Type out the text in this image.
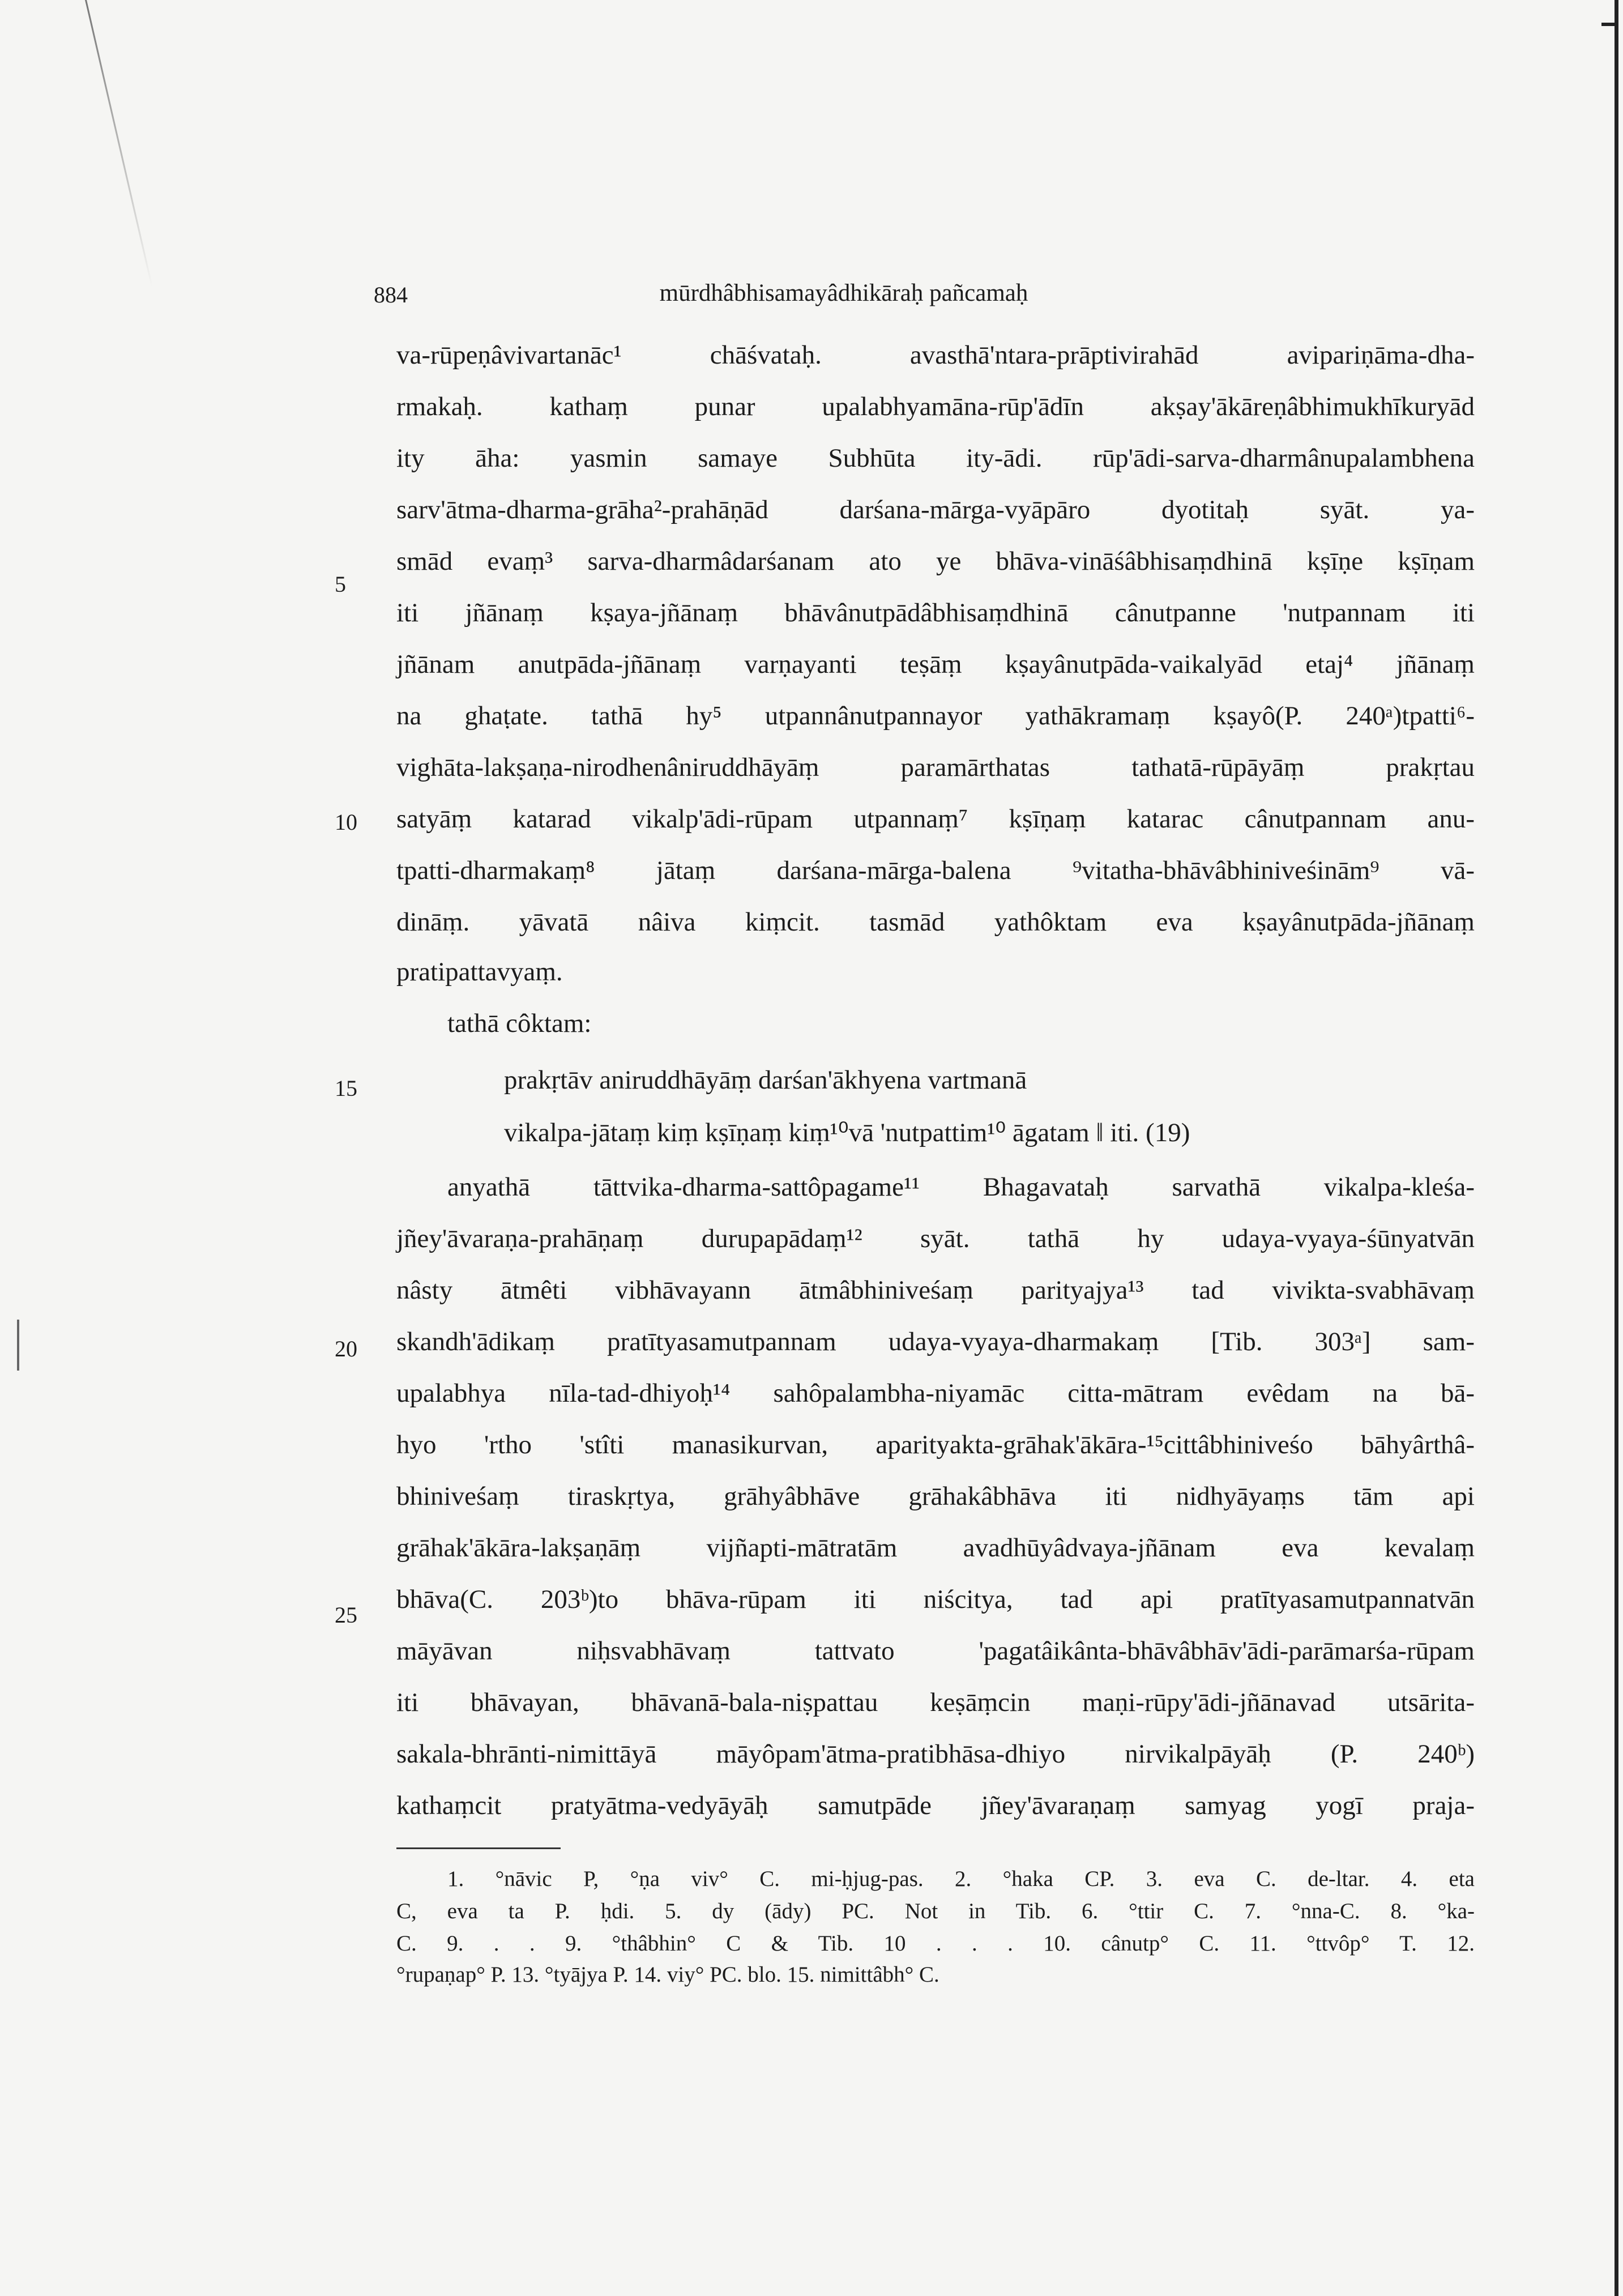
884	mūrdhâbhisamayâdhikāraḥ pañcamaḥ
5
10
15
20
25
va-rūpeṇâvivartanāc¹ chāśvataḥ. avasthā'ntara-prāptivirahād avipariṇāma-dha-
rmakaḥ. kathaṃ punar upalabhyamāna-rūp'ādīn akṣay'ākāreṇâbhimukhīkuryād
ity āha: yasmin samaye Subhūta ity-ādi. rūp'ādi-sarva-dharmânupalambhena
sarv'ātma-dharma-grāha²-prahāṇād darśana-mārga-vyāpāro dyotitaḥ syāt. ya-
smād evaṃ³ sarva-dharmâdarśanam ato ye bhāva-vināśâbhisaṃdhinā kṣīṇe kṣīṇam
iti jñānaṃ kṣaya-jñānaṃ bhāvânutpādâbhisaṃdhinā cânutpanne 'nutpannam iti
jñānam anutpāda-jñānaṃ varṇayanti teṣāṃ kṣayânutpāda-vaikalyād etaj⁴ jñānaṃ
na ghaṭate. tathā hy⁵ utpannânutpannayor yathākramaṃ kṣayô(P. 240ᵃ)tpatti⁶-
vighāta-lakṣaṇa-nirodhenâniruddhāyāṃ paramārthatas tathatā-rūpāyāṃ prakṛtau
satyāṃ katarad vikalp'ādi-rūpam utpannaṃ⁷ kṣīṇaṃ katarac cânutpannam anu-
tpatti-dharmakaṃ⁸ jātaṃ darśana-mārga-balena ⁹vitatha-bhāvâbhiniveśinām⁹ vā-
dināṃ. yāvatā nâiva kiṃcit. tasmād yathôktam eva kṣayânutpāda-jñānaṃ
pratipattavyaṃ.
tathā côktam:
prakṛtāv aniruddhāyāṃ darśan'ākhyena vartmanā
vikalpa-jātaṃ kiṃ kṣīṇaṃ kiṃ¹⁰vā 'nutpattim¹⁰ āgatam ‖ iti. (19)
anyathā tāttvika-dharma-sattôpagame¹¹ Bhagavataḥ sarvathā vikalpa-kleśa-
jñey'āvaraṇa-prahāṇaṃ durupapādaṃ¹² syāt. tathā hy udaya-vyaya-śūnyatvān
nâsty ātmêti vibhāvayann ātmâbhiniveśaṃ parityajya¹³ tad vivikta-svabhāvaṃ
skandh'ādikaṃ pratītyasamutpannam udaya-vyaya-dharmakaṃ [Tib. 303ᵃ] sam-
upalabhya nīla-tad-dhiyoḥ¹⁴ sahôpalambha-niyamāc citta-mātram evêdam na bā-
hyo 'rtho 'stîti manasikurvan, aparityakta-grāhak'ākāra-¹⁵cittâbhiniveśo bāhyârthâ-
bhiniveśaṃ tiraskṛtya, grāhyâbhāve grāhakâbhāva iti nidhyāyaṃs tām api
grāhak'ākāra-lakṣaṇāṃ vijñapti-mātratām avadhūyâdvaya-jñānam eva kevalaṃ
bhāva(C. 203ᵇ)to bhāva-rūpam iti niścitya, tad api pratītyasamutpannatvān
māyāvan niḥsvabhāvaṃ tattvato 'pagatâikânta-bhāvâbhāv'ādi-parāmarśa-rūpam
iti bhāvayan, bhāvanā-bala-niṣpattau keṣāṃcin maṇi-rūpy'ādi-jñānavad utsārita-
sakala-bhrānti-nimittāyā māyôpam'ātma-pratibhāsa-dhiyo nirvikalpāyāḥ (P. 240ᵇ)
kathaṃcit pratyātma-vedyāyāḥ samutpāde jñey'āvaraṇaṃ samyag yogī praja-
1. °nāvic P, °ṇa viv° C. mi-ḥjug-pas. 2. °haka CP. 3. eva C. de-ltar. 4. eta
C, eva ta P. ḥdi. 5. dy (ādy) PC. Not in Tib. 6. °ttir C. 7. °nna-C. 8. °ka-
C. 9. . . 9. °thâbhin° C & Tib. 10 . . . 10. cânutp° C. 11. °ttvôp° T. 12.
°rupaṇap° P. 13. °tyājya P. 14. viy° PC. blo. 15. nimittâbh° C.
